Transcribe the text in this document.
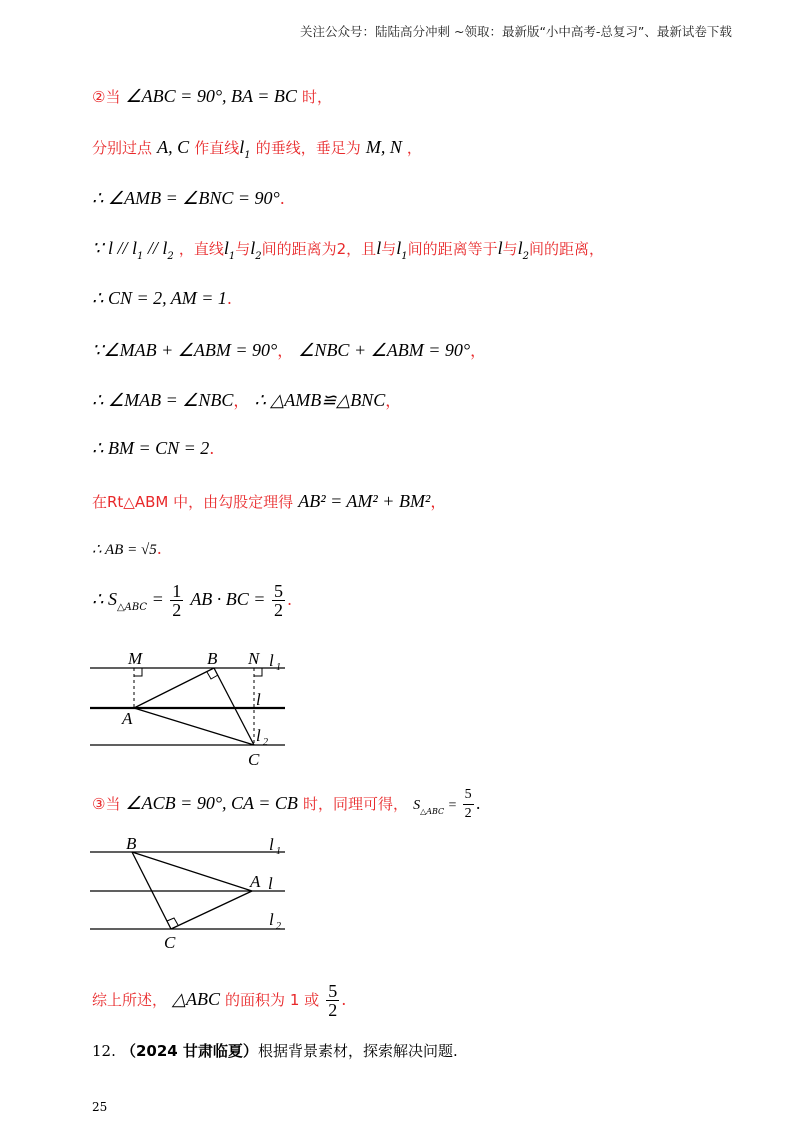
关注公众号：陆陆高分冲刺 ~领取：最新版“小中高考-总复习”、最新试卷下载
②当 ∠ABC = 90°, BA = BC 时，
分别过点 A, C 作直线$l_1$ 的垂线，垂足为 M, N ，
∴ ∠AMB = ∠BNC = 90°.
∵ l // $l_1 // l_2$ ，直线$l_1$与$l_2$间的距离为2，且l与$l_1$间的距离等于l与$l_2$间的距离，
∴ CN = 2, AM = 1.
∵∠MAB + ∠ABM = 90°， ∠NBC + ∠ABM = 90°，
∴ ∠MAB = ∠NBC， ∴ △AMB≌△BNC，
∴ BM = CN = 2.
在Rt△ABM 中，由勾股定理得 AB² = AM² + BM²，
∴ AB = √5.
∴ $S_{\triangle ABC} = \frac{1}{2}$ AB · BC = $\frac{5}{2}$ .
M	B N l 1
l
A
l 2
C
③当 ∠ACB = 90°, CA = CB 时，同理可得， $S_{\triangle ABC} = \frac{5}{2}$ .
B	l 1
A l
l 2
C
综上所述， △ABC 的面积为 1 或 $\frac{5}{2}$ .
12. （2024 甘肃临夏）根据背景素材，探索解决问题.
25
